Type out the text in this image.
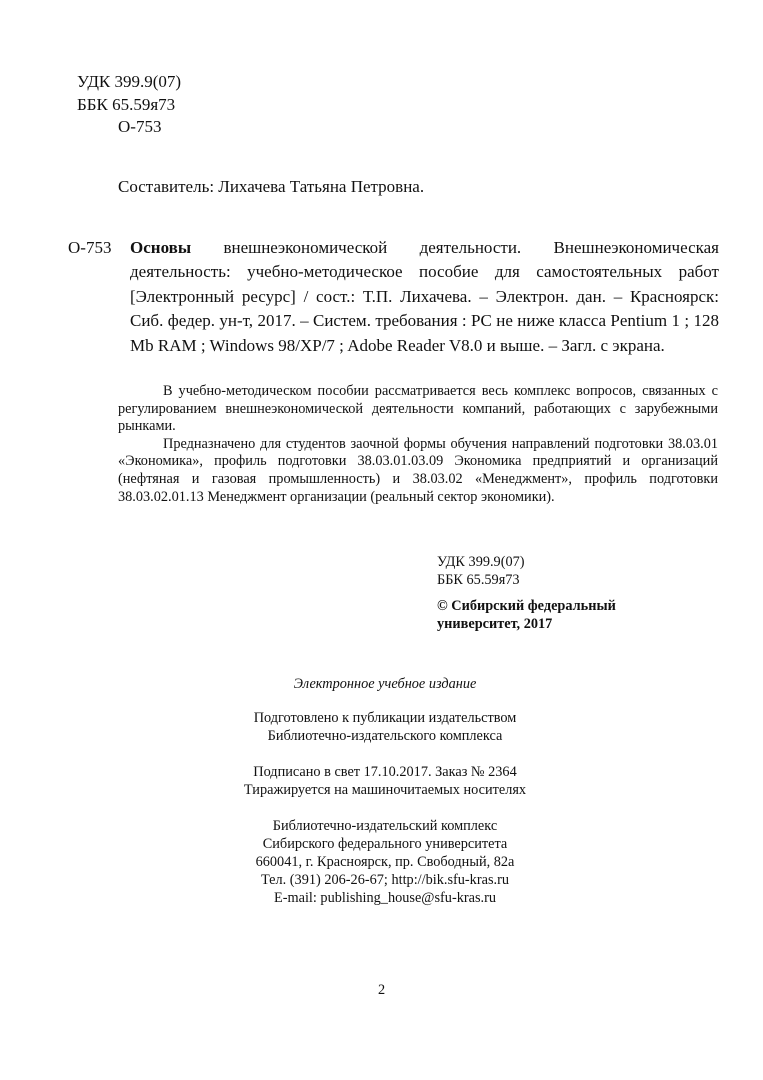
УДК 399.9(07)
ББК 65.59я73
О-753
Составитель: Лихачева Татьяна Петровна.
О-753 Основы внешнеэкономической деятельности. Внешнеэкономическая деятельность: учебно-методическое пособие для самостоятельных работ [Электронный ресурс] / сост.: Т.П. Лихачева. – Электрон. дан. – Красноярск: Сиб. федер. ун-т, 2017. – Систем. требования : PC не ниже класса Pentium 1 ; 128 Mb RAM ; Windows 98/XP/7 ; Adobe Reader V8.0 и выше. – Загл. с экрана.

В учебно-методическом пособии рассматривается весь комплекс вопросов, связанных с регулированием внешнеэкономической деятельности компаний, работающих с зарубежными рынками.

Предназначено для студентов заочной формы обучения направлений подготовки 38.03.01 «Экономика», профиль подготовки 38.03.01.03.09 Экономика предприятий и организаций (нефтяная и газовая промышленность) и 38.03.02 «Менеджмент», профиль подготовки 38.03.02.01.13 Менеджмент организации (реальный сектор экономики).

УДК 399.9(07)
ББК 65.59я73
© Сибирский федеральный
университет, 2017
Электронное учебное издание
Подготовлено к публикации издательством
Библиотечно-издательского комплекса
Подписано в свет 17.10.2017. Заказ № 2364
Тиражируется на машиночитаемых носителях
Библиотечно-издательский комплекс
Сибирского федерального университета
660041, г. Красноярск, пр. Свободный, 82а
Тел. (391) 206-26-67; http://bik.sfu-kras.ru
E-mail: publishing_house@sfu-kras.ru
2
